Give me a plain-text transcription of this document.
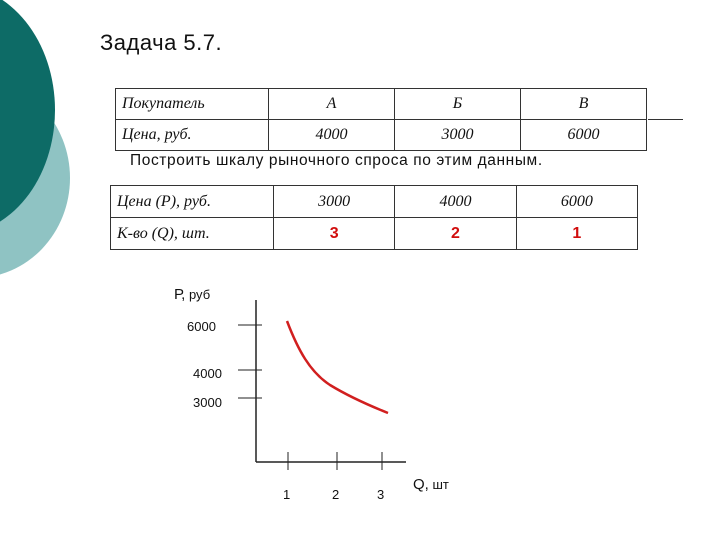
Задача 5.7.
Покупатель	А	Б	В
Цена, руб.	4000	3000	6000
Построить шкалу рыночного спроса по этим данным.
Цена (Р), руб.	3000	4000	6000
К-во (Q), шт.	3	2	1
Р, руб
6000
4000
3000
1	2	3
Q, шт
